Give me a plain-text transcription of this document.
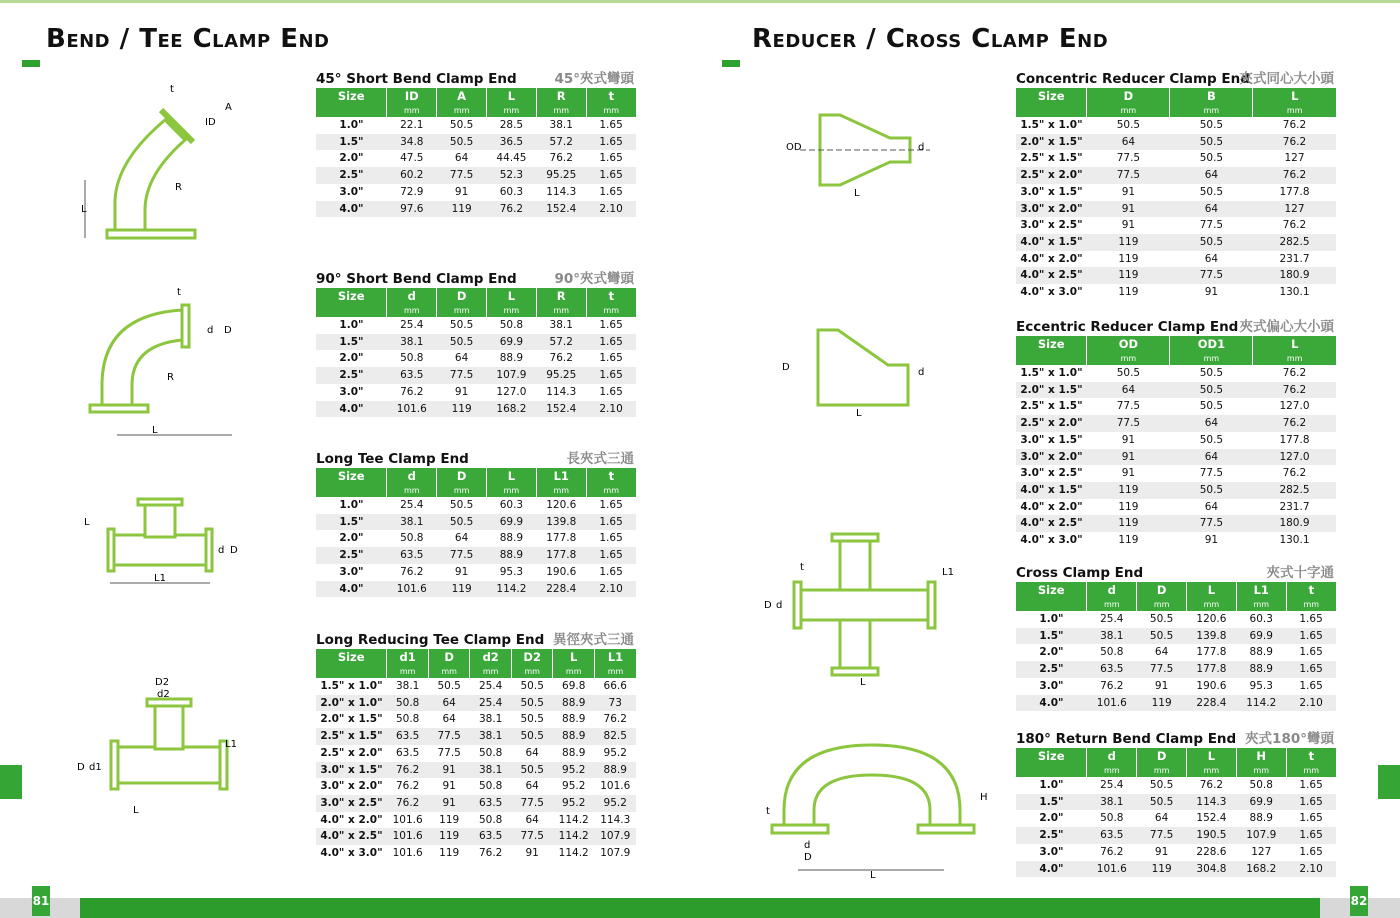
Bend / Tee Clamp End	Reducer / Cross Clamp End
L
A
ID
t
R
t
d D
R
L
L
L1
d D
D2
d2
L1
D d1
L
OD	d
L
D	d
L
t
D d
L
L1
H
t
d
D
L
45° Short Bend Clamp End	45°夾式彎頭
Size	ID	A	L	R	t
	mm	mm	mm	mm	mm
1.0"	22.1	50.5	28.5	38.1	1.65
1.5"	34.8	50.5	36.5	57.2	1.65
2.0"	47.5	64	44.45	76.2	1.65
2.5"	60.2	77.5	52.3	95.25	1.65
3.0"	72.9	91	60.3	114.3	1.65
4.0"	97.6	119	76.2	152.4	2.10
90° Short Bend Clamp End	90°夾式彎頭
Size	d	D	L	R	t
	mm	mm	mm	mm	mm
1.0"	25.4	50.5	50.8	38.1	1.65
1.5"	38.1	50.5	69.9	57.2	1.65
2.0"	50.8	64	88.9	76.2	1.65
2.5"	63.5	77.5	107.9	95.25	1.65
3.0"	76.2	91	127.0	114.3	1.65
4.0"	101.6	119	168.2	152.4	2.10
Long Tee Clamp End	長夾式三通
Size	d	D	L	L1	t
	mm	mm	mm	mm	mm
1.0"	25.4	50.5	60.3	120.6	1.65
1.5"	38.1	50.5	69.9	139.8	1.65
2.0"	50.8	64	88.9	177.8	1.65
2.5"	63.5	77.5	88.9	177.8	1.65
3.0"	76.2	91	95.3	190.6	1.65
4.0"	101.6	119	114.2	228.4	2.10
Long Reducing Tee Clamp End 異徑夾式三通
Size	d1	D	d2	D2	L	L1
	mm	mm	mm	mm	mm	mm
1.5" x 1.0"	38.1	50.5	25.4	50.5	69.8	66.6
2.0" x 1.0"	50.8	64	25.4	50.5	88.9	73
2.0" x 1.5"	50.8	64	38.1	50.5	88.9	76.2
2.5" x 1.5"	63.5	77.5	38.1	50.5	88.9	82.5
2.5" x 2.0"	63.5	77.5	50.8	64	88.9	95.2
3.0" x 1.5"	76.2	91	38.1	50.5	95.2	88.9
3.0" x 2.0"	76.2	91	50.8	64	95.2	101.6
3.0" x 2.5"	76.2	91	63.5	77.5	95.2	95.2
4.0" x 2.0"	101.6	119	50.8	64	114.2	114.3
4.0" x 2.5"	101.6	119	63.5	77.5	114.2	107.9
4.0" x 3.0"	101.6	119	76.2	91	114.2	107.9
Concentric Reducer Clamp End
夾式同心大小頭
Size	D	B	L
	mm	mm	mm
1.5" x 1.0"	50.5	50.5	76.2
2.0" x 1.5"	64	50.5	76.2
2.5" x 1.5"	77.5	50.5	127
2.5" x 2.0"	77.5	64	76.2
3.0" x 1.5"	91	50.5	177.8
3.0" x 2.0"	91	64	127
3.0" x 2.5"	91	77.5	76.2
4.0" x 1.5"	119	50.5	282.5
4.0" x 2.0"	119	64	231.7
4.0" x 2.5"	119	77.5	180.9
4.0" x 3.0"	119	91	130.1
Eccentric Reducer Clamp End 夾式偏心大小頭
Size	OD	OD1	L
	mm	mm	mm
1.5" x 1.0"	50.5	50.5	76.2
2.0" x 1.5"	64	50.5	76.2
2.5" x 1.5"	77.5	50.5	127.0
2.5" x 2.0"	77.5	64	76.2
3.0" x 1.5"	91	50.5	177.8
3.0" x 2.0"	91	64	127.0
3.0" x 2.5"	91	77.5	76.2
4.0" x 1.5"	119	50.5	282.5
4.0" x 2.0"	119	64	231.7
4.0" x 2.5"	119	77.5	180.9
4.0" x 3.0"	119	91	130.1
Cross Clamp End	夾式十字通
Size	d	D	L	L1	t
	mm	mm	mm	mm	mm
1.0"	25.4	50.5	120.6	60.3	1.65
1.5"	38.1	50.5	139.8	69.9	1.65
2.0"	50.8	64	177.8	88.9	1.65
2.5"	63.5	77.5	177.8	88.9	1.65
3.0"	76.2	91	190.6	95.3	1.65
4.0"	101.6	119	228.4	114.2	2.10
180° Return Bend Clamp End 夾式180°彎頭
Size	d	D	L	H	t
	mm	mm	mm	mm	mm
1.0"	25.4	50.5	76.2	50.8	1.65
1.5"	38.1	50.5	114.3	69.9	1.65
2.0"	50.8	64	152.4	88.9	1.65
2.5"	63.5	77.5	190.5	107.9	1.65
3.0"	76.2	91	228.6	127	1.65
4.0"	101.6	119	304.8	168.2	2.10
81	82
